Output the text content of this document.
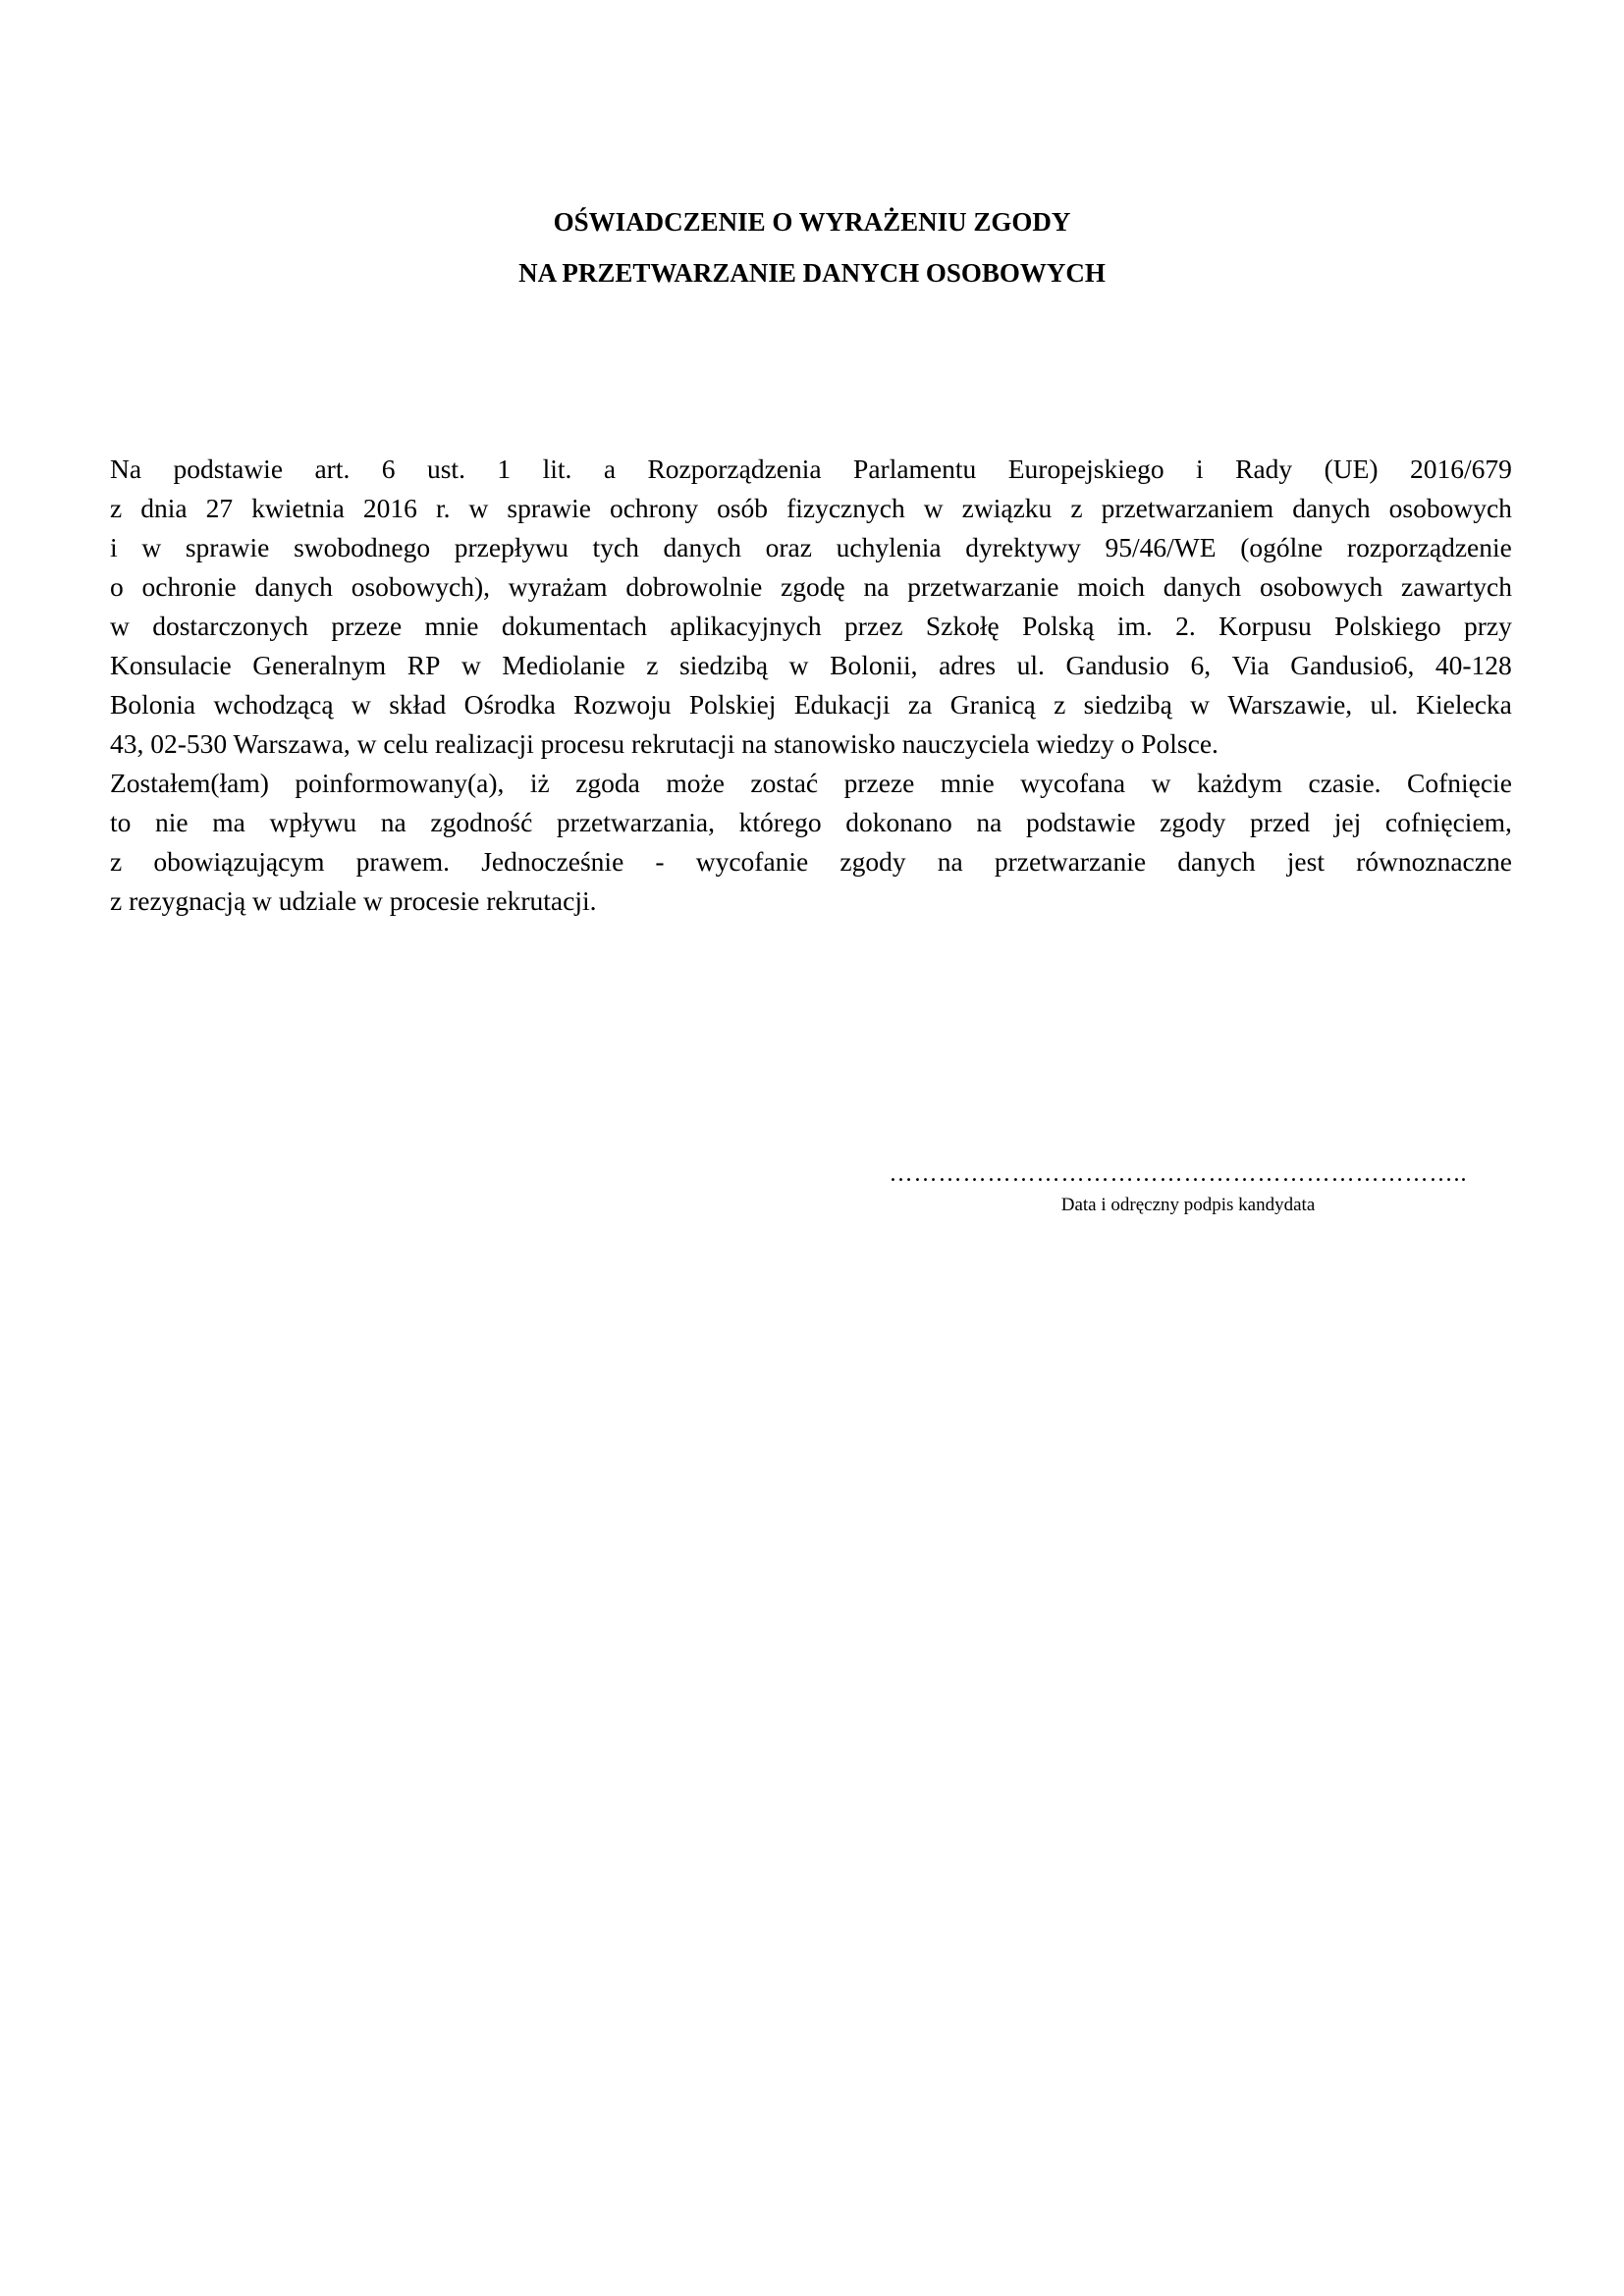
OŚWIADCZENIE O WYRAŻENIU ZGODY
NA PRZETWARZANIE DANYCH OSOBOWYCH
Na podstawie art. 6 ust. 1 lit. a Rozporządzenia Parlamentu Europejskiego i Rady (UE) 2016/679
z dnia 27 kwietnia 2016 r. w sprawie ochrony osób fizycznych w związku z przetwarzaniem danych osobowych
i w sprawie swobodnego przepływu tych danych oraz uchylenia dyrektywy 95/46/WE (ogólne rozporządzenie
o ochronie danych osobowych), wyrażam dobrowolnie zgodę na przetwarzanie moich danych osobowych zawartych
w dostarczonych przeze mnie dokumentach aplikacyjnych przez Szkołę Polską im. 2. Korpusu Polskiego przy
Konsulacie Generalnym RP w Mediolanie z siedzibą w Bolonii, adres ul. Gandusio 6, Via Gandusio6, 40-128
Bolonia wchodzącą w skład Ośrodka Rozwoju Polskiej Edukacji za Granicą z siedzibą w Warszawie, ul. Kielecka
43, 02-530 Warszawa, w celu realizacji procesu rekrutacji na stanowisko nauczyciela wiedzy o Polsce.
Zostałem(łam) poinformowany(a), iż zgoda może zostać przeze mnie wycofana w każdym czasie. Cofnięcie
to nie ma wpływu na zgodność przetwarzania, którego dokonano na podstawie zgody przed jej cofnięciem,
z obowiązującym prawem. Jednocześnie - wycofanie zgody na przetwarzanie danych jest równoznaczne
z rezygnacją w udziale w procesie rekrutacji.
……………………………………………………………..
Data i odręczny podpis kandydata
